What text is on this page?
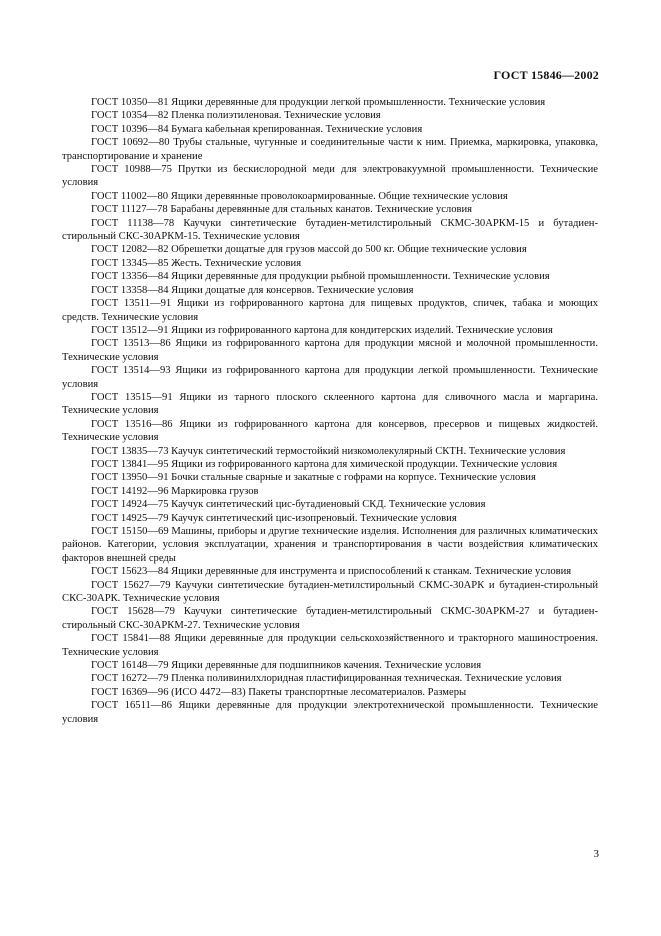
ГОСТ 15846—2002

ГОСТ 10350—81 Ящики деревянные для продукции легкой промышленности. Технические условия

ГОСТ 10354—82 Пленка полиэтиленовая. Технические условия

ГОСТ 10396—84 Бумага кабельная крепированная. Технические условия

ГОСТ 10692—80 Трубы стальные, чугунные и соединительные части к ним. Приемка, маркировка, упаковка, транспортирование и хранение

ГОСТ 10988—75 Прутки из бескислородной меди для электровакуумной промышленности. Технические условия

ГОСТ 11002—80 Ящики деревянные проволокоармированные. Общие технические условия

ГОСТ 11127—78 Барабаны деревянные для стальных канатов. Технические условия

ГОСТ 11138—78 Каучуки синтетические бутадиен-метилстирольный СКМС-30АРКМ-15 и бутадиен-стирольный СКС-30АРКМ-15. Технические условия

ГОСТ 12082—82 Обрешетки дощатые для грузов массой до 500 кг. Общие технические условия

ГОСТ 13345—85 Жесть. Технические условия

ГОСТ 13356—84 Ящики деревянные для продукции рыбной промышленности. Технические условия

ГОСТ 13358—84 Ящики дощатые для консервов. Технические условия

ГОСТ 13511—91 Ящики из гофрированного картона для пищевых продуктов, спичек, табака и моющих средств. Технические условия

ГОСТ 13512—91 Ящики из гофрированного картона для кондитерских изделий. Технические условия

ГОСТ 13513—86 Ящики из гофрированного картона для продукции мясной и молочной промышленности. Технические условия

ГОСТ 13514—93 Ящики из гофрированного картона для продукции легкой промышленности. Технические условия

ГОСТ 13515—91 Ящики из тарного плоского склеенного картона для сливочного масла и маргарина. Технические условия

ГОСТ 13516—86 Ящики из гофрированного картона для консервов, пресервов и пищевых жидкостей. Технические условия

ГОСТ 13835—73 Каучук синтетический термостойкий низкомолекулярный СКТН. Технические условия

ГОСТ 13841—95 Ящики из гофрированного картона для химической продукции. Технические условия

ГОСТ 13950—91 Бочки стальные сварные и закатные с гофрами на корпусе. Технические условия

ГОСТ 14192—96 Маркировка грузов

ГОСТ 14924—75 Каучук синтетический цис-бутадиеновый СКД. Технические условия

ГОСТ 14925—79 Каучук синтетический цис-изопреновый. Технические условия

ГОСТ 15150—69 Машины, приборы и другие технические изделия. Исполнения для различных климатических районов. Категории, условия эксплуатации, хранения и транспортирования в части воздействия климатических факторов внешней среды

ГОСТ 15623—84 Ящики деревянные для инструмента и приспособлений к станкам. Технические условия

ГОСТ 15627—79 Каучуки синтетические бутадиен-метилстирольный СКМС-30АРК и бутадиен-стирольный СКС-30АРК. Технические условия

ГОСТ 15628—79 Каучуки синтетические бутадиен-метилстирольный СКМС-30АРКМ-27 и бутадиен-стирольный СКС-30АРКМ-27. Технические условия

ГОСТ 15841—88 Ящики деревянные для продукции сельскохозяйственного и тракторного машиностроения. Технические условия

ГОСТ 16148—79 Ящики деревянные для подшипников качения. Технические условия

ГОСТ 16272—79 Пленка поливинилхлоридная пластифицированная техническая. Технические условия

ГОСТ 16369—96 (ИСО 4472—83) Пакеты транспортные лесоматериалов. Размеры

ГОСТ 16511—86 Ящики деревянные для продукции электротехнической промышленности. Технические условия

3
